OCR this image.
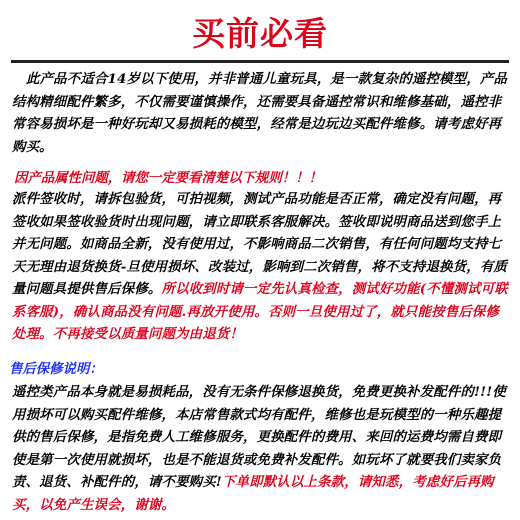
买前必看
此产品不适合14岁以下使用，并非普通儿童玩具，是一款复杂的遥控模型，产品结构精细配件繁多，不仅需要谨慎操作，还需要具备遥控常识和维修基础，遥控非常容易损坏是一种好玩却又易损耗的模型，经常是边玩边买配件维修。请考虑好再购买。
因产品属性问题，请您一定要看清楚以下规则！！！
派件签收时，请拆包验货，可拍视频，测试产品功能是否正常，确定没有问题，再签收如果签收验货时出现问题，请立即联系客服解决。签收即说明商品送到您手上并无问题。如商品全新，没有使用过，不影响商品二次销售，有任何问题均支持七天无理由退货换货-旦使用损坏、改装过，影响到二次销售，将不支持退换货，有质量问题具提供售后保修。所以收到时请一定先认真检查，测试好功能(不懂测试可联系客服)，确认商品没有问题.再放开使用。否则一旦使用过了，就只能按售后保修处理。不再接受以质量问题为由退货！
售后保修说明：
遥控类产品本身就是易损耗品，没有无条件保修退换货，免费更换补发配件的!!!使用损坏可以购买配件维修，本店常售款式均有配件，维修也是玩模型的一种乐趣提供的售后保修，是指免费人工维修服务，更换配件的费用、来回的运费均需自费即使是第一次使用就损坏，也是不能退货或免费补发配件。如玩坏了就要我们卖家负责、退货、补配件的，请不要购买!下单即默认以上条款，请知悉，考虑好后再购买，以免产生误会，谢谢。
